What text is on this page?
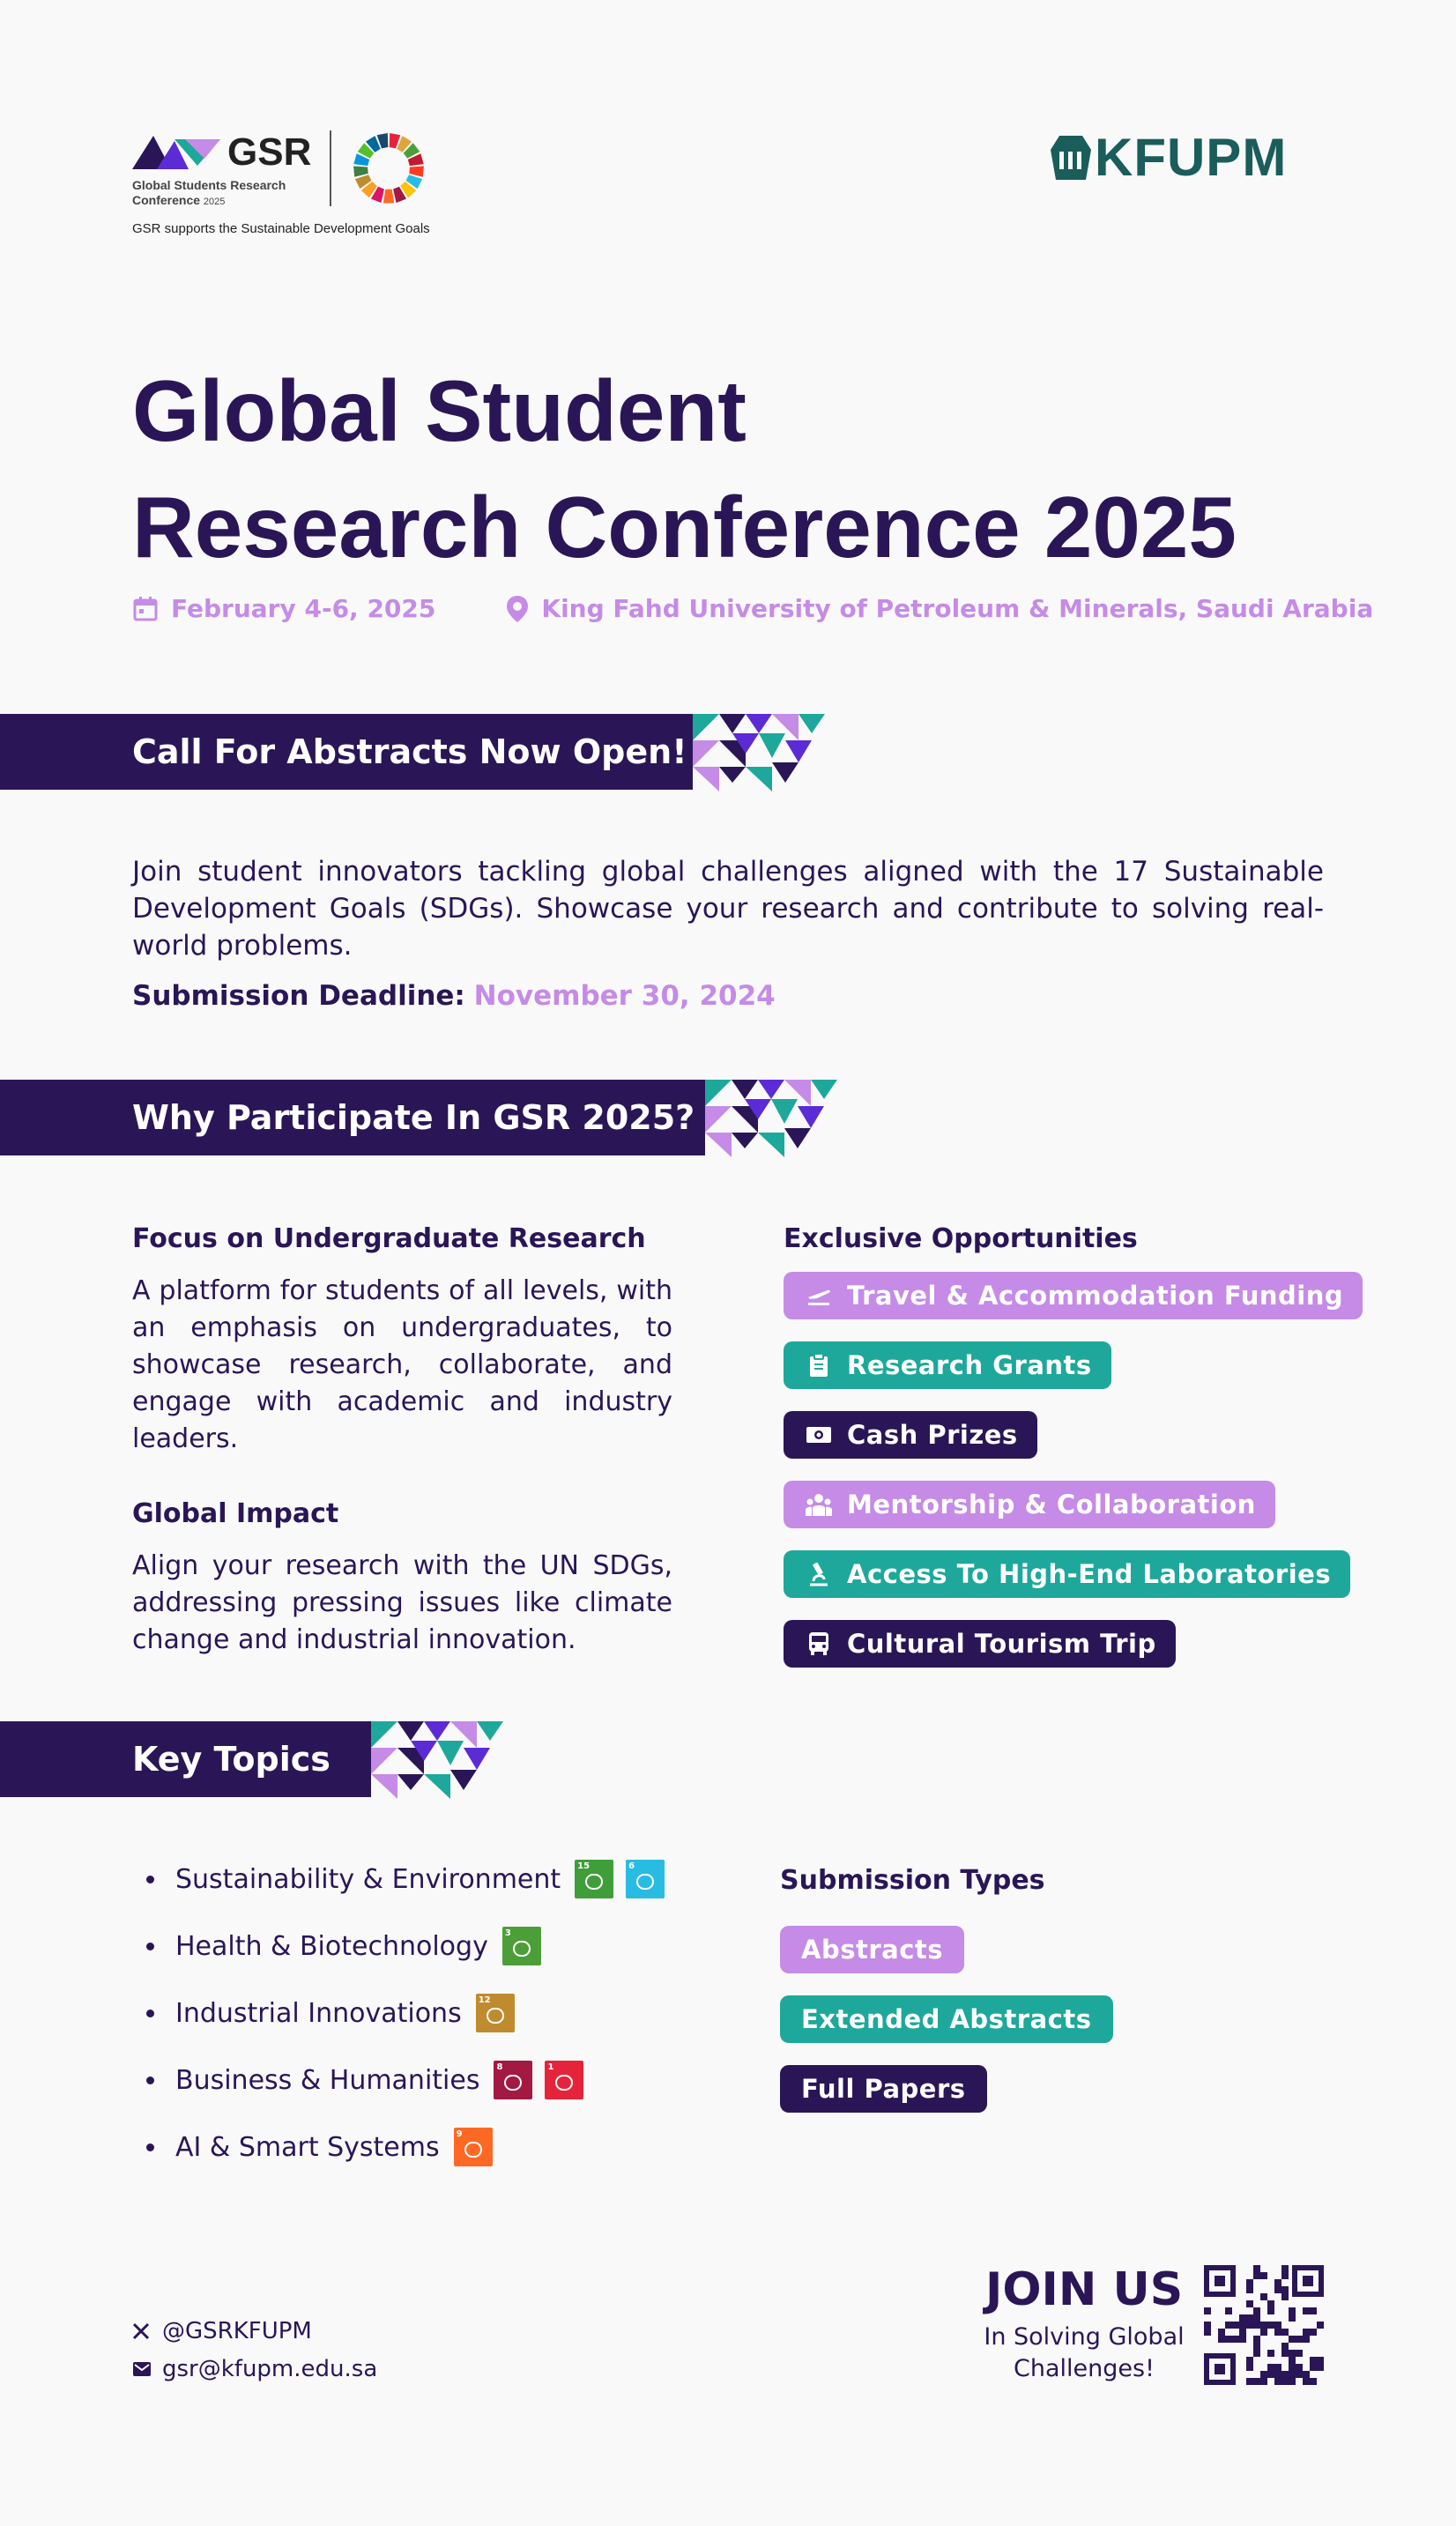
GSR
Global Students Research Conference 2025
GSR supports the Sustainable Development Goals
KFUPM
Global Student
Research Conference 2025
February 4-6, 2025	King Fahd University of Petroleum & Minerals, Saudi Arabia
Call For Abstracts Now Open!
Join student innovators tackling global challenges aligned with the 17 Sustainable Development Goals (SDGs). Showcase your research and contribute to solving real-world problems.
Submission Deadline: November 30, 2024
Why Participate In GSR 2025?
Focus on Undergraduate Research
A platform for students of all levels, with an emphasis on undergraduates, to showcase research, collaborate, and engage with academic and industry leaders.
Global Impact
Align your research with the UN SDGs, addressing pressing issues like climate change and industrial innovation.
Exclusive Opportunities
Travel & Accommodation Funding
Research Grants
Cash Prizes
Mentorship & Collaboration
Access To High-End Laboratories
Cultural Tourism Trip
Key Topics
Sustainability & Environment 15	6
Health & Biotechnology 3
Industrial Innovations 12
Business & Humanities 8	1
AI & Smart Systems 9
Submission Types
Abstracts
Extended Abstracts
Full Papers
@GSRKFUPM
gsr@kfupm.edu.sa
JOIN US
In Solving Global
Challenges!
